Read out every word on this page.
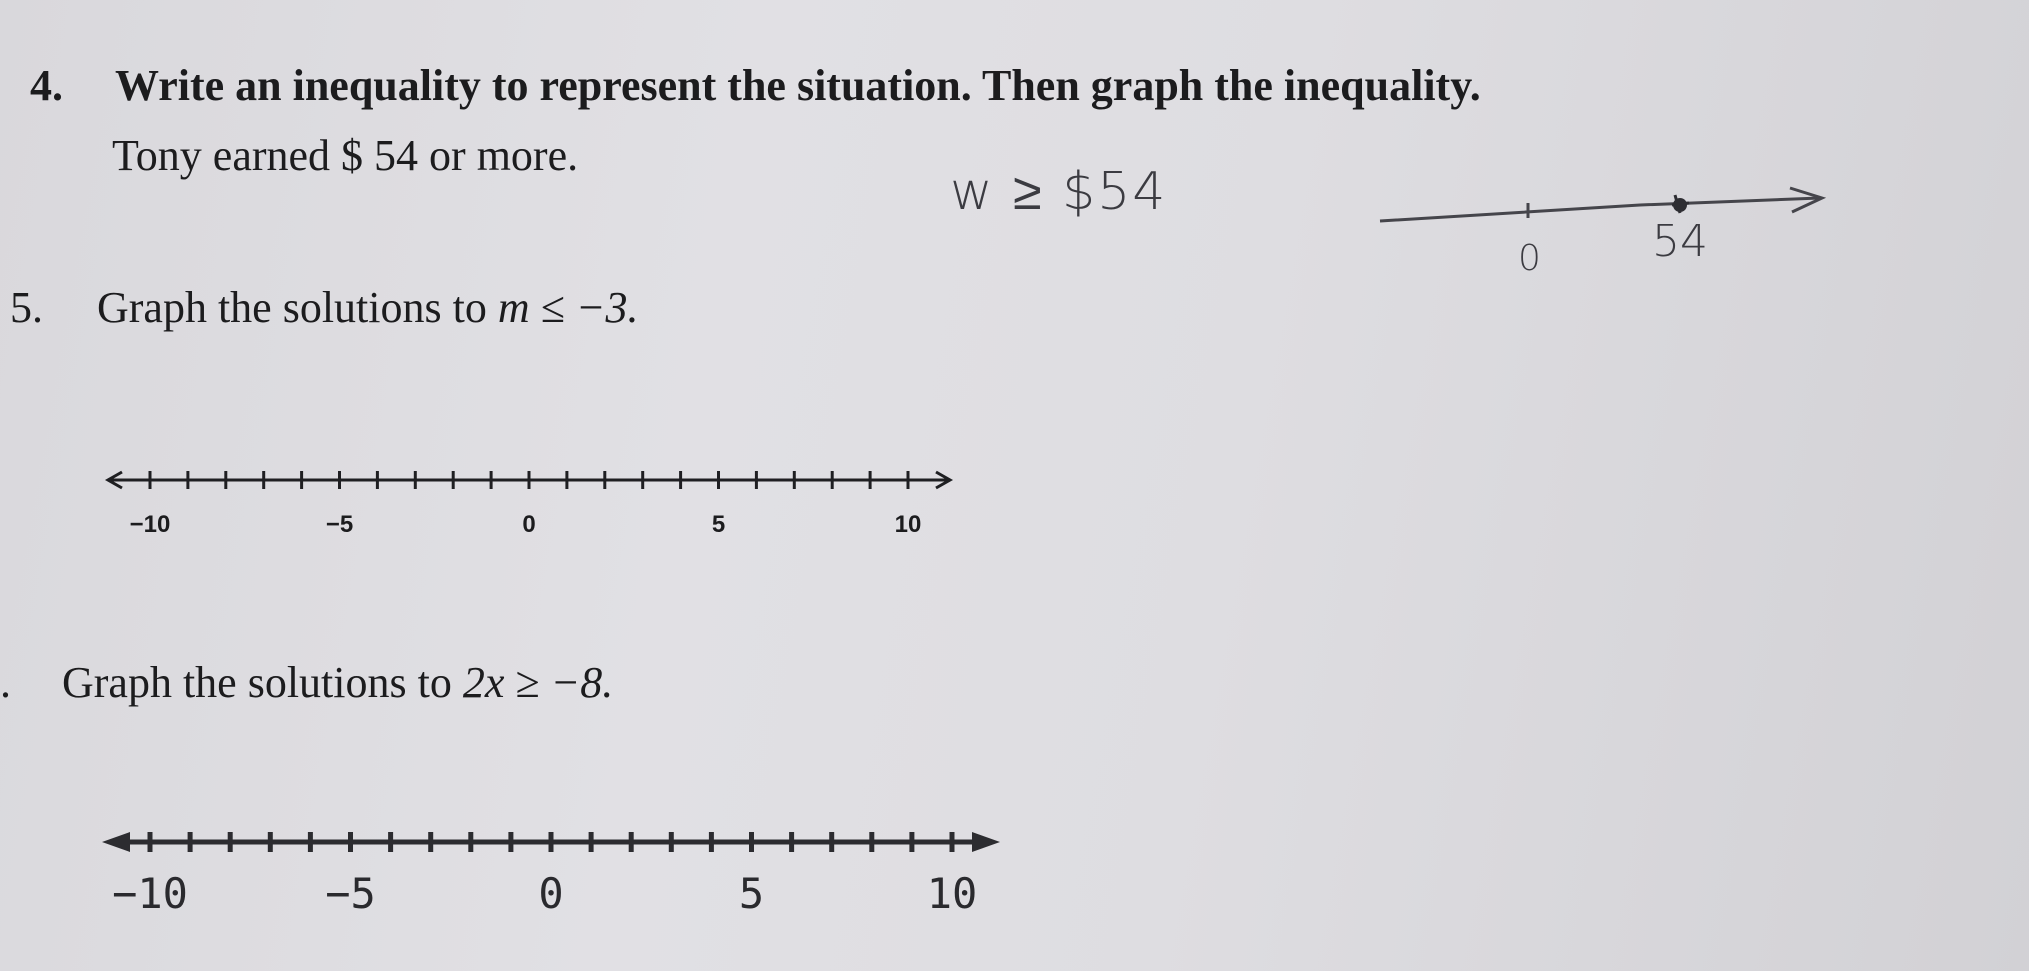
4. Write an inequality to represent the situation. Then graph the inequality.
Tony earned $ 54 or more.
w ≥ $54
0	54
5. Graph the solutions to m ≤ −3.
−10	−5	0	5	10
. Graph the solutions to 2x ≥ −8.
−10	−5	0	5	10
